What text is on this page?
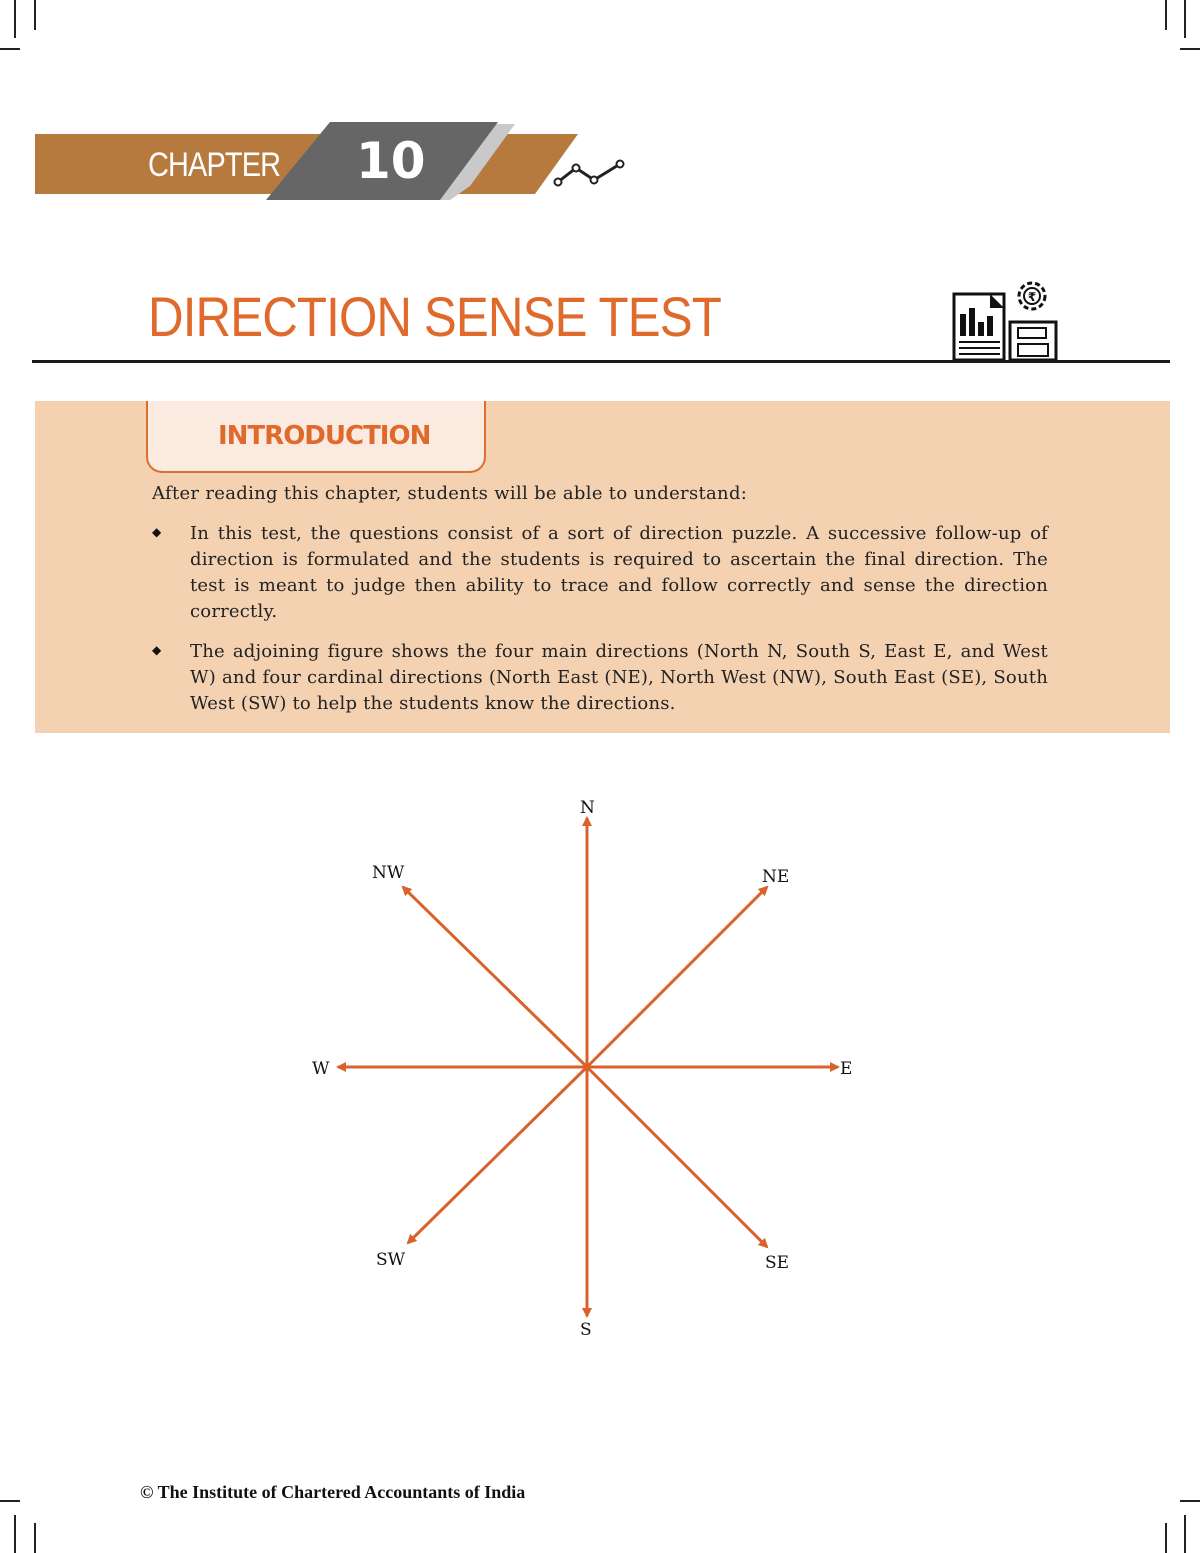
CHAPTER 10
DIRECTION SENSE TEST	₹
INTRODUCTION
After reading this chapter, students will be able to understand:
◆ In this test, the questions consist of a sort of direction puzzle. A successive follow-up of direction is formulated and the students is required to ascertain the final direction. The test is meant to judge then ability to trace and follow correctly and sense the direction correctly.
◆ The adjoining figure shows the four main directions (North N, South S, East E, and West W) and four cardinal directions (North East (NE), North West (NW), South East (SE), South West (SW) to help the students know the directions.
N
S
E
W
NE
NW
SE
SW
© The Institute of Chartered Accountants of India
